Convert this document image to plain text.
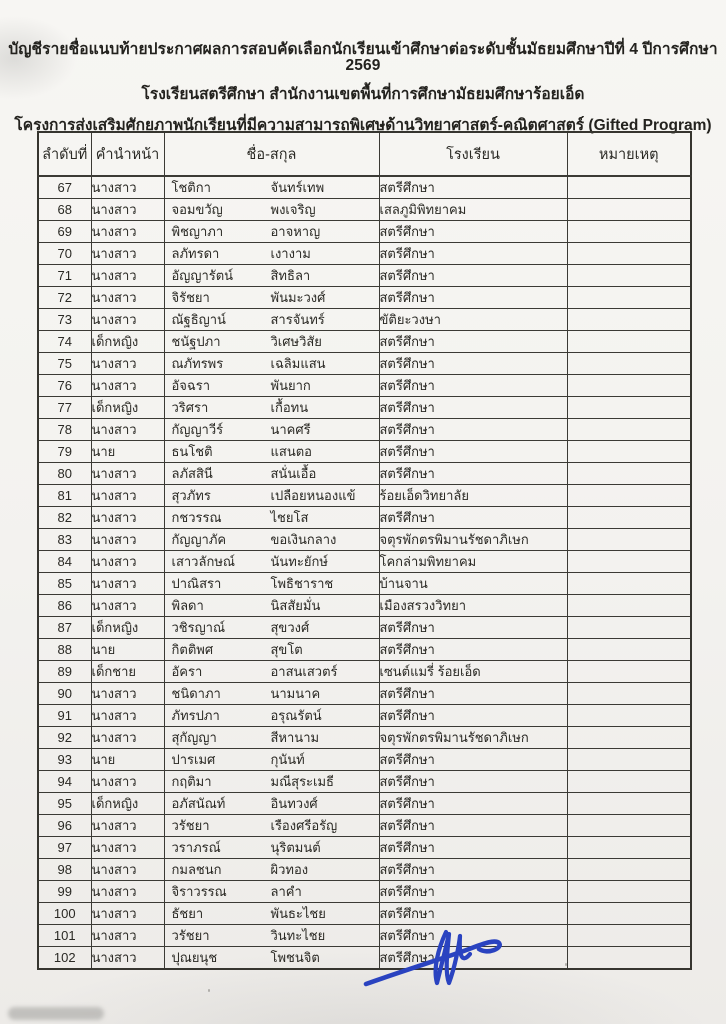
บัญชีรายชื่อแนบท้ายประกาศผลการสอบคัดเลือกนักเรียนเข้าศึกษาต่อระดับชั้นมัธยมศึกษาปีที่ 4 ปีการศึกษา 2569
โรงเรียนสตรีศึกษา สำนักงานเขตพื้นที่การศึกษามัธยมศึกษาร้อยเอ็ด
โครงการส่งเสริมศักยภาพนักเรียนที่มีความสามารถพิเศษด้านวิทยาศาสตร์-คณิตศาสตร์ (Gifted Program)
ลำดับที่	คำนำหน้า	ชื่อ-สกุล	โรงเรียน	หมายเหตุ
67	นางสาว	โชติกา จันทร์เทพ	สตรีศึกษา	
68	นางสาว	จอมขวัญ พงเจริญ	เสลภูมิพิทยาคม	
69	นางสาว	พิชญาภา อาจหาญ	สตรีศึกษา	
70	นางสาว	ลภัทรดา เงางาม	สตรีศึกษา	
71	นางสาว	อัญญารัตน์ สิทธิลา	สตรีศึกษา	
72	นางสาว	จิรัชยา พันมะวงศ์	สตรีศึกษา	
73	นางสาว	ณัฐธิญาน์ สารจันทร์	ขัติยะวงษา	
74	เด็กหญิง	ชนัฐปภา วิเศษวิสัย	สตรีศึกษา	
75	นางสาว	ณภัทรพร เฉลิมแสน	สตรีศึกษา	
76	นางสาว	อัจฉรา พันยาก	สตรีศึกษา	
77	เด็กหญิง	วริศรา เกื้อทน	สตรีศึกษา	
78	นางสาว	กัญญาวีร์ นาคศรี	สตรีศึกษา	
79	นาย	ธนโชติ แสนตอ	สตรีศึกษา	
80	นางสาว	ลภัสสินี สนั่นเอื้อ	สตรีศึกษา	
81	นางสาว	สุวภัทร เปลือยหนองแข้	ร้อยเอ็ดวิทยาลัย	
82	นางสาว	กชวรรณ ไชยโส	สตรีศึกษา	
83	นางสาว	กัญญาภัค ขอเงินกลาง	จตุรพักตรพิมานรัชดาภิเษก	
84	นางสาว	เสาวลักษณ์ นันทะยักษ์	โคกล่ามพิทยาคม	
85	นางสาว	ปาณิสรา โพธิชาราช	บ้านจาน	
86	นางสาว	พิลดา นิสสัยมั่น	เมืองสรวงวิทยา	
87	เด็กหญิง	วชิรญาณ์ สุขวงศ์	สตรีศึกษา	
88	นาย	กิตติพศ สุขโต	สตรีศึกษา	
89	เด็กชาย	อัครา อาสนเสวตร์	เซนต์แมรี่ ร้อยเอ็ด	
90	นางสาว	ชนิดาภา นามนาค	สตรีศึกษา	
91	นางสาว	ภัทรปภา อรุณรัตน์	สตรีศึกษา	
92	นางสาว	สุกัญญา สีหานาม	จตุรพักตรพิมานรัชดาภิเษก	
93	นาย	ปารเมศ กุนันท์	สตรีศึกษา	
94	นางสาว	กฤติมา มณีสุระเมธี	สตรีศึกษา	
95	เด็กหญิง	อภัสนัณท์ อินทวงศ์	สตรีศึกษา	
96	นางสาว	วรัชยา เรืองศรีอรัญ	สตรีศึกษา	
97	นางสาว	วราภรณ์ นุริตมนต์	สตรีศึกษา	
98	นางสาว	กมลชนก ผิวทอง	สตรีศึกษา	
99	นางสาว	จิราวรรณ ลาคำ	สตรีศึกษา	
100	นางสาว	ธัชยา พันธะไชย	สตรีศึกษา	
101	นางสาว	วรัชยา วินทะไชย	สตรีศึกษา	
102	นางสาว	ปุณยนุช โพชนจิต	สตรีศึกษา	
